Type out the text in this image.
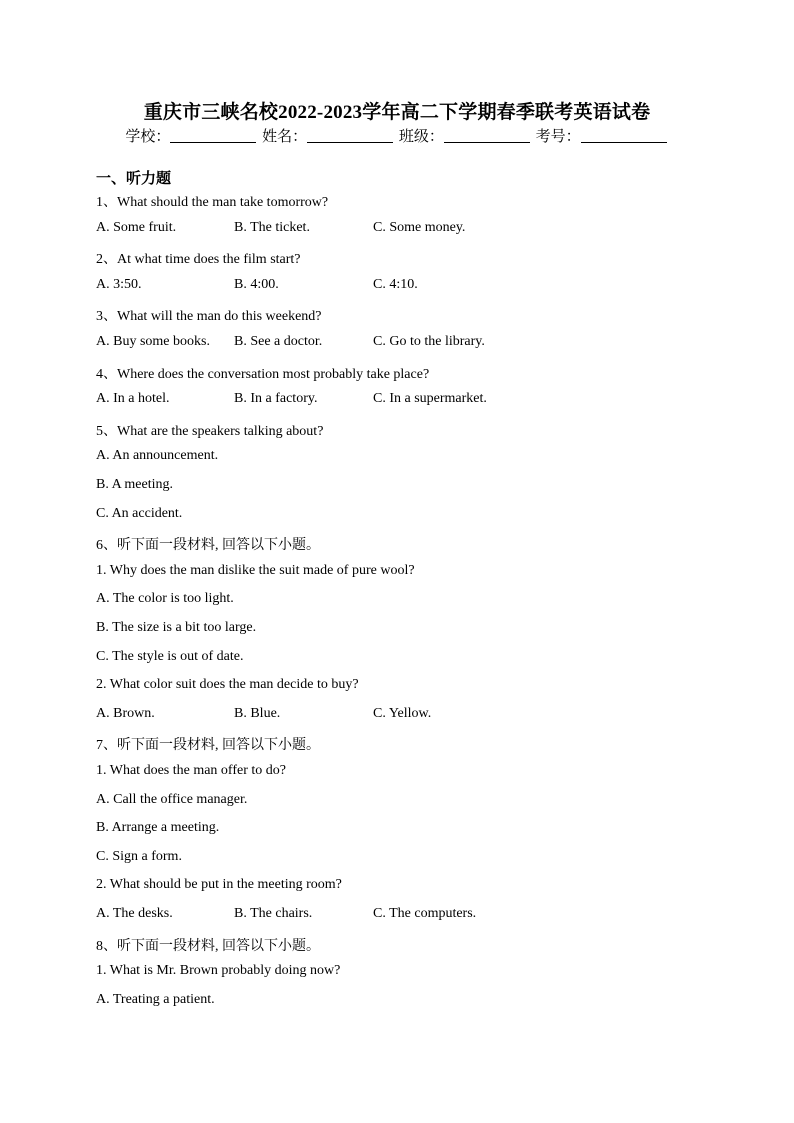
重庆市三峡名校2022-2023学年高二下学期春季联考英语试卷
学校：	姓名：	班级：	考号：
一、听力题
1、What should the man take tomorrow?
A. Some fruit.	B. The ticket.	C. Some money.
2、At what time does the film start?
A. 3:50.	B. 4:00.	C. 4:10.
3、What will the man do this weekend?
A. Buy some books. B. See a doctor.	C. Go to the library.
4、Where does the conversation most probably take place?
A. In a hotel.	B. In a factory.	C. In a supermarket.
5、What are the speakers talking about?
A. An announcement.
B. A meeting.
C. An accident.
6、听下面一段材料, 回答以下小题。
1. Why does the man dislike the suit made of pure wool?
A. The color is too light.
B. The size is a bit too large.
C. The style is out of date.
2. What color suit does the man decide to buy?
A. Brown.	B. Blue.	C. Yellow.
7、听下面一段材料, 回答以下小题。
1. What does the man offer to do?
A. Call the office manager.
B. Arrange a meeting.
C. Sign a form.
2. What should be put in the meeting room?
A. The desks.	B. The chairs.	C. The computers.
8、听下面一段材料, 回答以下小题。
1. What is Mr. Brown probably doing now?
A. Treating a patient.
